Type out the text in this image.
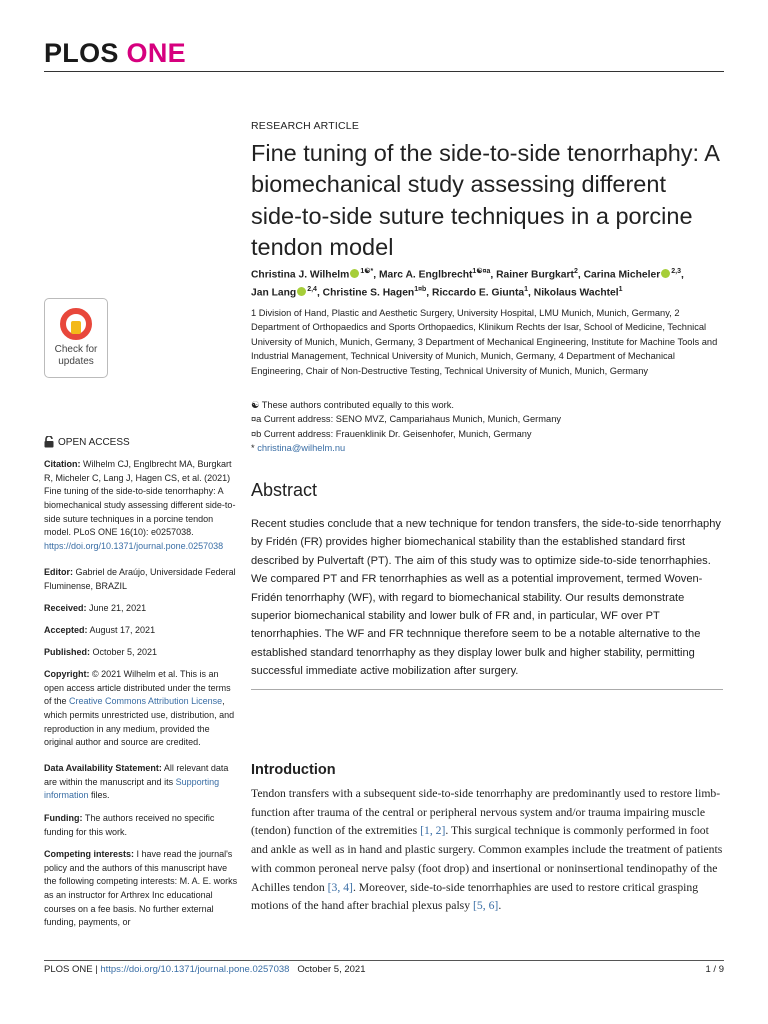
PLOS ONE
Check for
updates
OPEN ACCESS
Citation: Wilhelm CJ, Englbrecht MA, Burgkart R, Micheler C, Lang J, Hagen CS, et al. (2021) Fine tuning of the side-to-side tenorrhaphy: A biomechanical study assessing different side-to-side suture techniques in a porcine tendon model. PLoS ONE 16(10): e0257038. https://doi.org/10.1371/journal.pone.0257038
Editor: Gabriel de Araújo, Universidade Federal Fluminense, BRAZIL
Received: June 21, 2021
Accepted: August 17, 2021
Published: October 5, 2021
Copyright: © 2021 Wilhelm et al. This is an open access article distributed under the terms of the Creative Commons Attribution License, which permits unrestricted use, distribution, and reproduction in any medium, provided the original author and source are credited.
Data Availability Statement: All relevant data are within the manuscript and its Supporting information files.
Funding: The authors received no specific funding for this work.
Competing interests: I have read the journal's policy and the authors of this manuscript have the following competing interests: M. A. E. works as an instructor for Arthrex Inc educational courses on a fee basis. No further external funding, payments, or
RESEARCH ARTICLE
Fine tuning of the side-to-side tenorrhaphy: A biomechanical study assessing different side-to-side suture techniques in a porcine tendon model
Christina J. Wilhelm $^{1☯*}$, Marc A. Englbrecht$^{1☯¤a}$, Rainer Burgkart$^2$, Carina Micheler $^{2,3}$,
Jan Lang $^{2,4}$, Christine S. Hagen$^{1¤b}$, Riccardo E. Giunta$^1$, Nikolaus Wachtel$^1$
1 Division of Hand, Plastic and Aesthetic Surgery, University Hospital, LMU Munich, Munich, Germany, 2 Department of Orthopaedics and Sports Orthopaedics, Klinikum Rechts der Isar, School of Medicine, Technical University of Munich, Munich, Germany, 3 Department of Mechanical Engineering, Institute for Machine Tools and Industrial Management, Technical University of Munich, Munich, Germany, 4 Department of Mechanical Engineering, Chair of Non-Destructive Testing, Technical University of Munich, Munich, Germany
☯ These authors contributed equally to this work.
¤a Current address: SENO MVZ, Campariahaus Munich, Munich, Germany
¤b Current address: Frauenklinik Dr. Geisenhofer, Munich, Germany
* christina@wilhelm.nu
Abstract
Recent studies conclude that a new technique for tendon transfers, the side-to-side tenorrhaphy by Fridén (FR) provides higher biomechanical stability than the established standard first described by Pulvertaft (PT). The aim of this study was to optimize side-to-side tenorrhaphies. We compared PT and FR tenorrhaphies as well as a potential improvement, termed Woven-Fridén tenorrhaphy (WF), with regard to biomechanical stability. Our results demonstrate superior biomechanical stability and lower bulk of FR and, in particular, WF over PT tenorrhaphies. The WF and FR technnique therefore seem to be a notable alternative to the established standard tenorrhaphy as they display lower bulk and higher stability, permitting successful immediate active mobilization after surgery.
Introduction
Tendon transfers with a subsequent side-to-side tenorrhaphy are predominantly used to restore limb-function after trauma of the central or peripheral nervous system and/or trauma impairing muscle (tendon) function of the extremities [1, 2]. This surgical technique is commonly performed in foot and ankle as well as in hand and plastic surgery. Common examples include the treatment of patients with common peroneal nerve palsy (foot drop) and insertional or noninsertional tendinopathy of the Achilles tendon [3, 4]. Moreover, side-to-side tenorrhaphies are used to restore critical grasping motions of the hand after brachial plexus palsy [5, 6].
PLOS ONE | https://doi.org/10.1371/journal.pone.0257038 October 5, 2021	1 / 9
